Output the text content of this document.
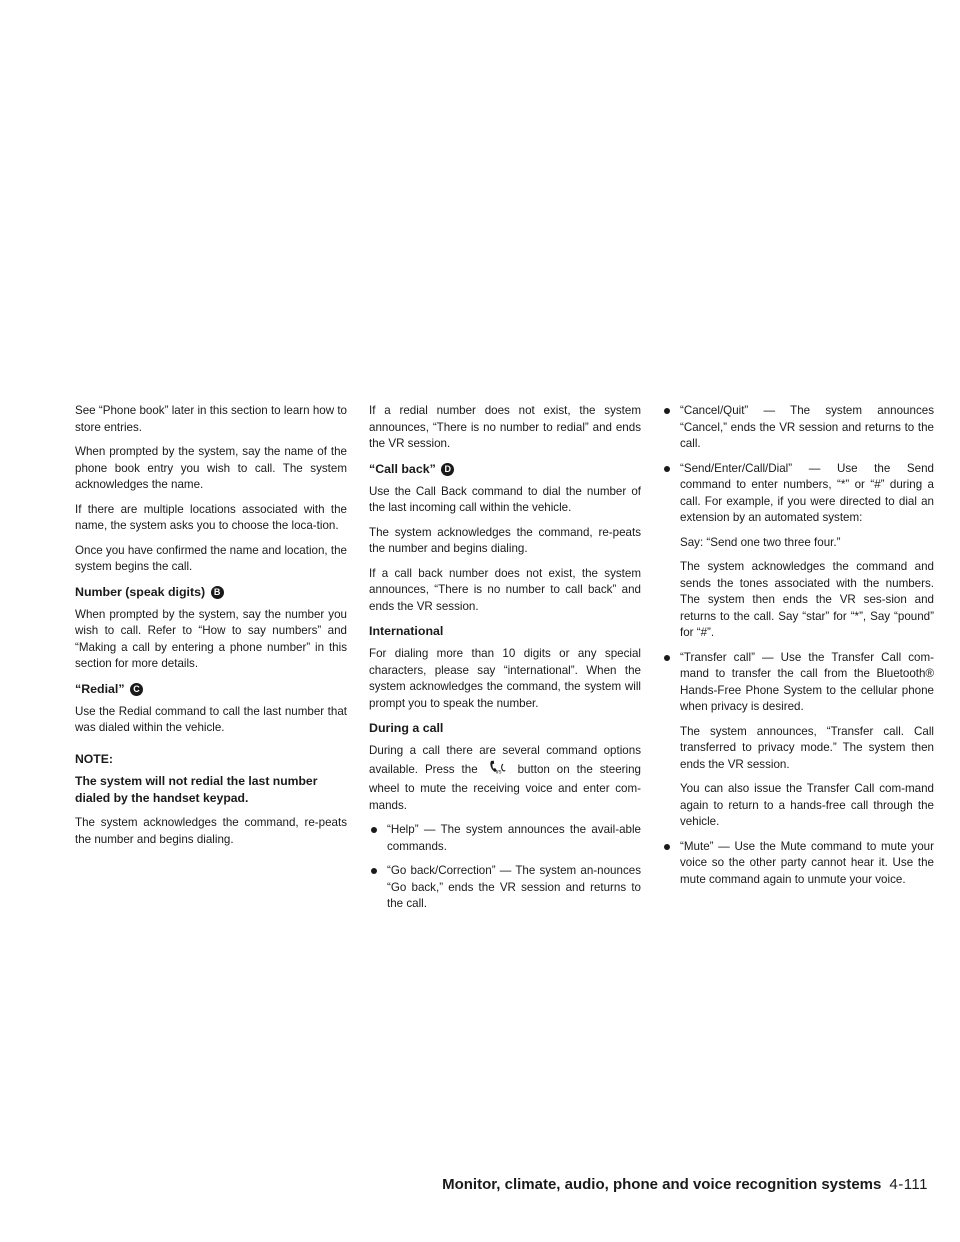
See “Phone book” later in this section to learn how to store entries.

When prompted by the system, say the name of the phone book entry you wish to call. The system acknowledges the name.

If there are multiple locations associated with the name, the system asks you to choose the loca-tion.

Once you have confirmed the name and location, the system begins the call.

Number (speak digits) B

When prompted by the system, say the number you wish to call. Refer to “How to say numbers” and “Making a call by entering a phone number” in this section for more details.

“Redial” C

Use the Redial command to call the last number that was dialed within the vehicle.

NOTE:
The system will not redial the last number dialed by the handset keypad.

The system acknowledges the command, re-peats the number and begins dialing.

If a redial number does not exist, the system announces, “There is no number to redial” and ends the VR session.

“Call back” D

Use the Call Back command to dial the number of the last incoming call within the vehicle.

The system acknowledges the command, re-peats the number and begins dialing.

If a call back number does not exist, the system announces, “There is no number to call back” and ends the VR session.

International

For dialing more than 10 digits or any special characters, please say “international”. When the system acknowledges the command, the system will prompt you to speak the number.

During a call

During a call there are several command options available. Press the	vs button on the steering wheel to mute the receiving voice and enter com-mands.

“Help” — The system announces the avail-able commands.

“Go back/Correction” — The system an-nounces “Go back,” ends the VR session and returns to the call.

“Cancel/Quit” — The system announces “Cancel,” ends the VR session and returns to the call.

“Send/Enter/Call/Dial” — Use the Send command to enter numbers, “*” or “#” during a call. For example, if you were directed to dial an extension by an automated system:

Say: “Send one two three four.”

The system acknowledges the command and sends the tones associated with the numbers. The system then ends the VR ses-sion and returns to the call. Say “star” for “*”, Say “pound” for “#”.

“Transfer call” — Use the Transfer Call com-mand to transfer the call from the Bluetooth® Hands-Free Phone System to the cellular phone when privacy is desired.

The system announces, “Transfer call. Call transferred to privacy mode.” The system then ends the VR session.

You can also issue the Transfer Call com-mand again to return to a hands-free call through the vehicle.

“Mute” — Use the Mute command to mute your voice so the other party cannot hear it. Use the mute command again to unmute your voice.

Monitor, climate, audio, phone and voice recognition systems 4-111
